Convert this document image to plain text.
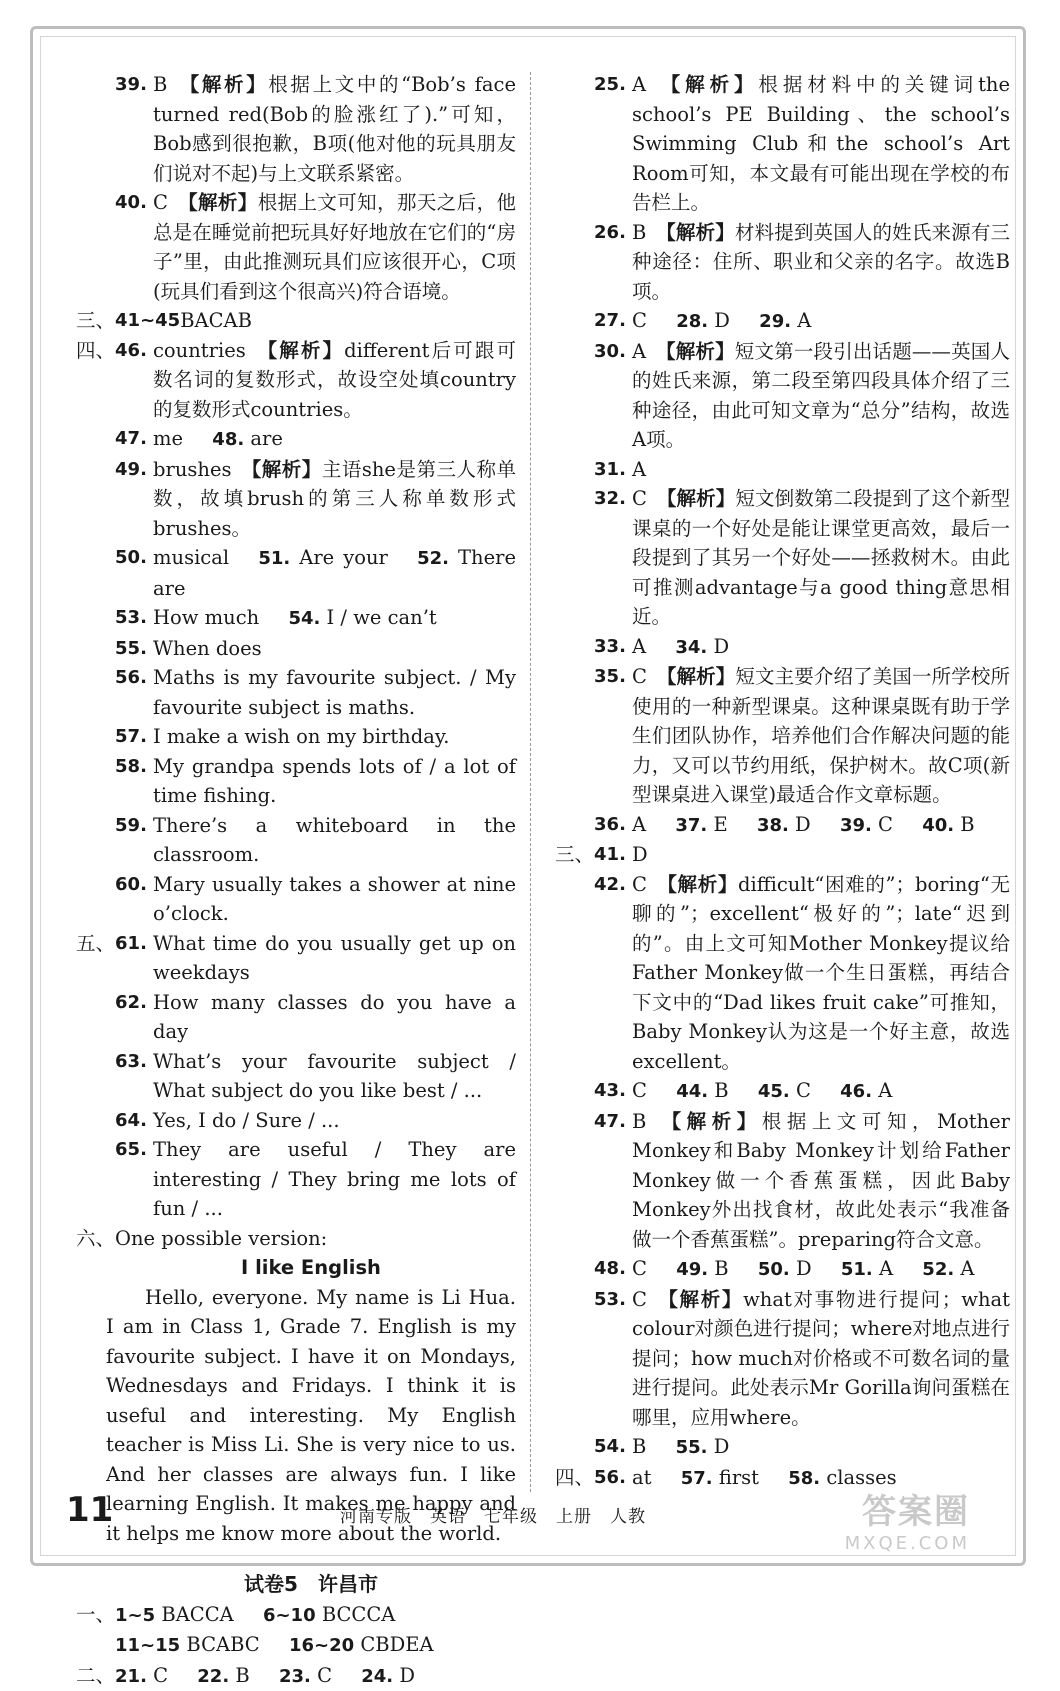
39. B  【解析】根据上文中的“Bob’s face turned red(Bob的脸涨红了).”可知，Bob感到很抱歉，B项(他对他的玩具朋友们说对不起)与上文联系紧密。
40. C  【解析】根据上文可知，那天之后，他总是在睡觉前把玩具好好地放在它们的“房子”里，由此推测玩具们应该很开心，C项(玩具们看到这个很高兴)符合语境。
三、 41~45 BACAB
四、 46. countries  【解析】different后可跟可数名词的复数形式，故设空处填country的复数形式countries。
47. me   48. are
49. brushes  【解析】主语she是第三人称单数，故填brush的第三人称单数形式brushes。
50. musical   51. Are your   52. There are
53. How much   54. I / we can’t
55. When does
56. Maths is my favourite subject. / My favourite subject is maths.
57. I make a wish on my birthday.
58. My grandpa spends lots of / a lot of time fishing.
59. There’s a whiteboard in the classroom.
60. Mary usually takes a shower at nine o’clock.
五、 61. What time do you usually get up on weekdays
62. How many classes do you have a day
63. What’s your favourite subject / What subject do you like best / ...
64. Yes, I do / Sure / ...
65. They are useful / They are interesting / They bring me lots of fun / ...
六、 One possible version:
I like English

Hello, everyone. My name is Li Hua. I am in Class 1, Grade 7. English is my favourite subject. I have it on Mondays, Wednesdays and Fridays. I think it is useful and interesting. My English teacher is Miss Li. She is very nice to us. And her classes are always fun. I like learning English. It makes me happy and it helps me know more about the world.

试卷5　许昌市
一、 1~5 BACCA   6~10 BCCCA
11~15 BCABC   16~20 CBDEA
二、 21. C   22. B   23. C   24. D
25. A  【解析】根据材料中的关键词the school’s PE Building、the school’s Swimming Club和the school’s Art Room可知，本文最有可能出现在学校的布告栏上。
26. B  【解析】材料提到英国人的姓氏来源有三种途径：住所、职业和父亲的名字。故选B项。
27. C   28. D   29. A
30. A  【解析】短文第一段引出话题——英国人的姓氏来源，第二段至第四段具体介绍了三种途径，由此可知文章为“总分”结构，故选A项。
31. A
32. C  【解析】短文倒数第二段提到了这个新型课桌的一个好处是能让课堂更高效，最后一段提到了其另一个好处——拯救树木。由此可推测advantage与a good thing意思相近。
33. A   34. D
35. C  【解析】短文主要介绍了美国一所学校所使用的一种新型课桌。这种课桌既有助于学生们团队协作，培养他们合作解决问题的能力，又可以节约用纸，保护树木。故C项(新型课桌进入课堂)最适合作文章标题。
36. A   37. E   38. D   39. C   40. B
三、 41. D
42. C  【解析】difficult“困难的”；boring“无聊的”；excellent“极好的”；late“迟到的”。由上文可知Mother Monkey提议给Father Monkey做一个生日蛋糕，再结合下文中的“Dad likes fruit cake”可推知，Baby Monkey认为这是一个好主意，故选excellent。
43. C   44. B   45. C   46. A
47. B  【解析】根据上文可知，Mother Monkey和Baby Monkey计划给Father Monkey做一个香蕉蛋糕，因此Baby Monkey外出找食材，故此处表示“我准备做一个香蕉蛋糕”。preparing符合文意。
48. C   49. B   50. D   51. A   52. A
53. C  【解析】what对事物进行提问；what colour对颜色进行提问；where对地点进行提问；how much对价格或不可数名词的量进行提问。此处表示Mr Gorilla询问蛋糕在哪里，应用where。
54. B   55. D
四、 56. at   57. first   58. classes
11	河南专版　英语　七年级　上册　人教	答案圈
MXQE.COM
